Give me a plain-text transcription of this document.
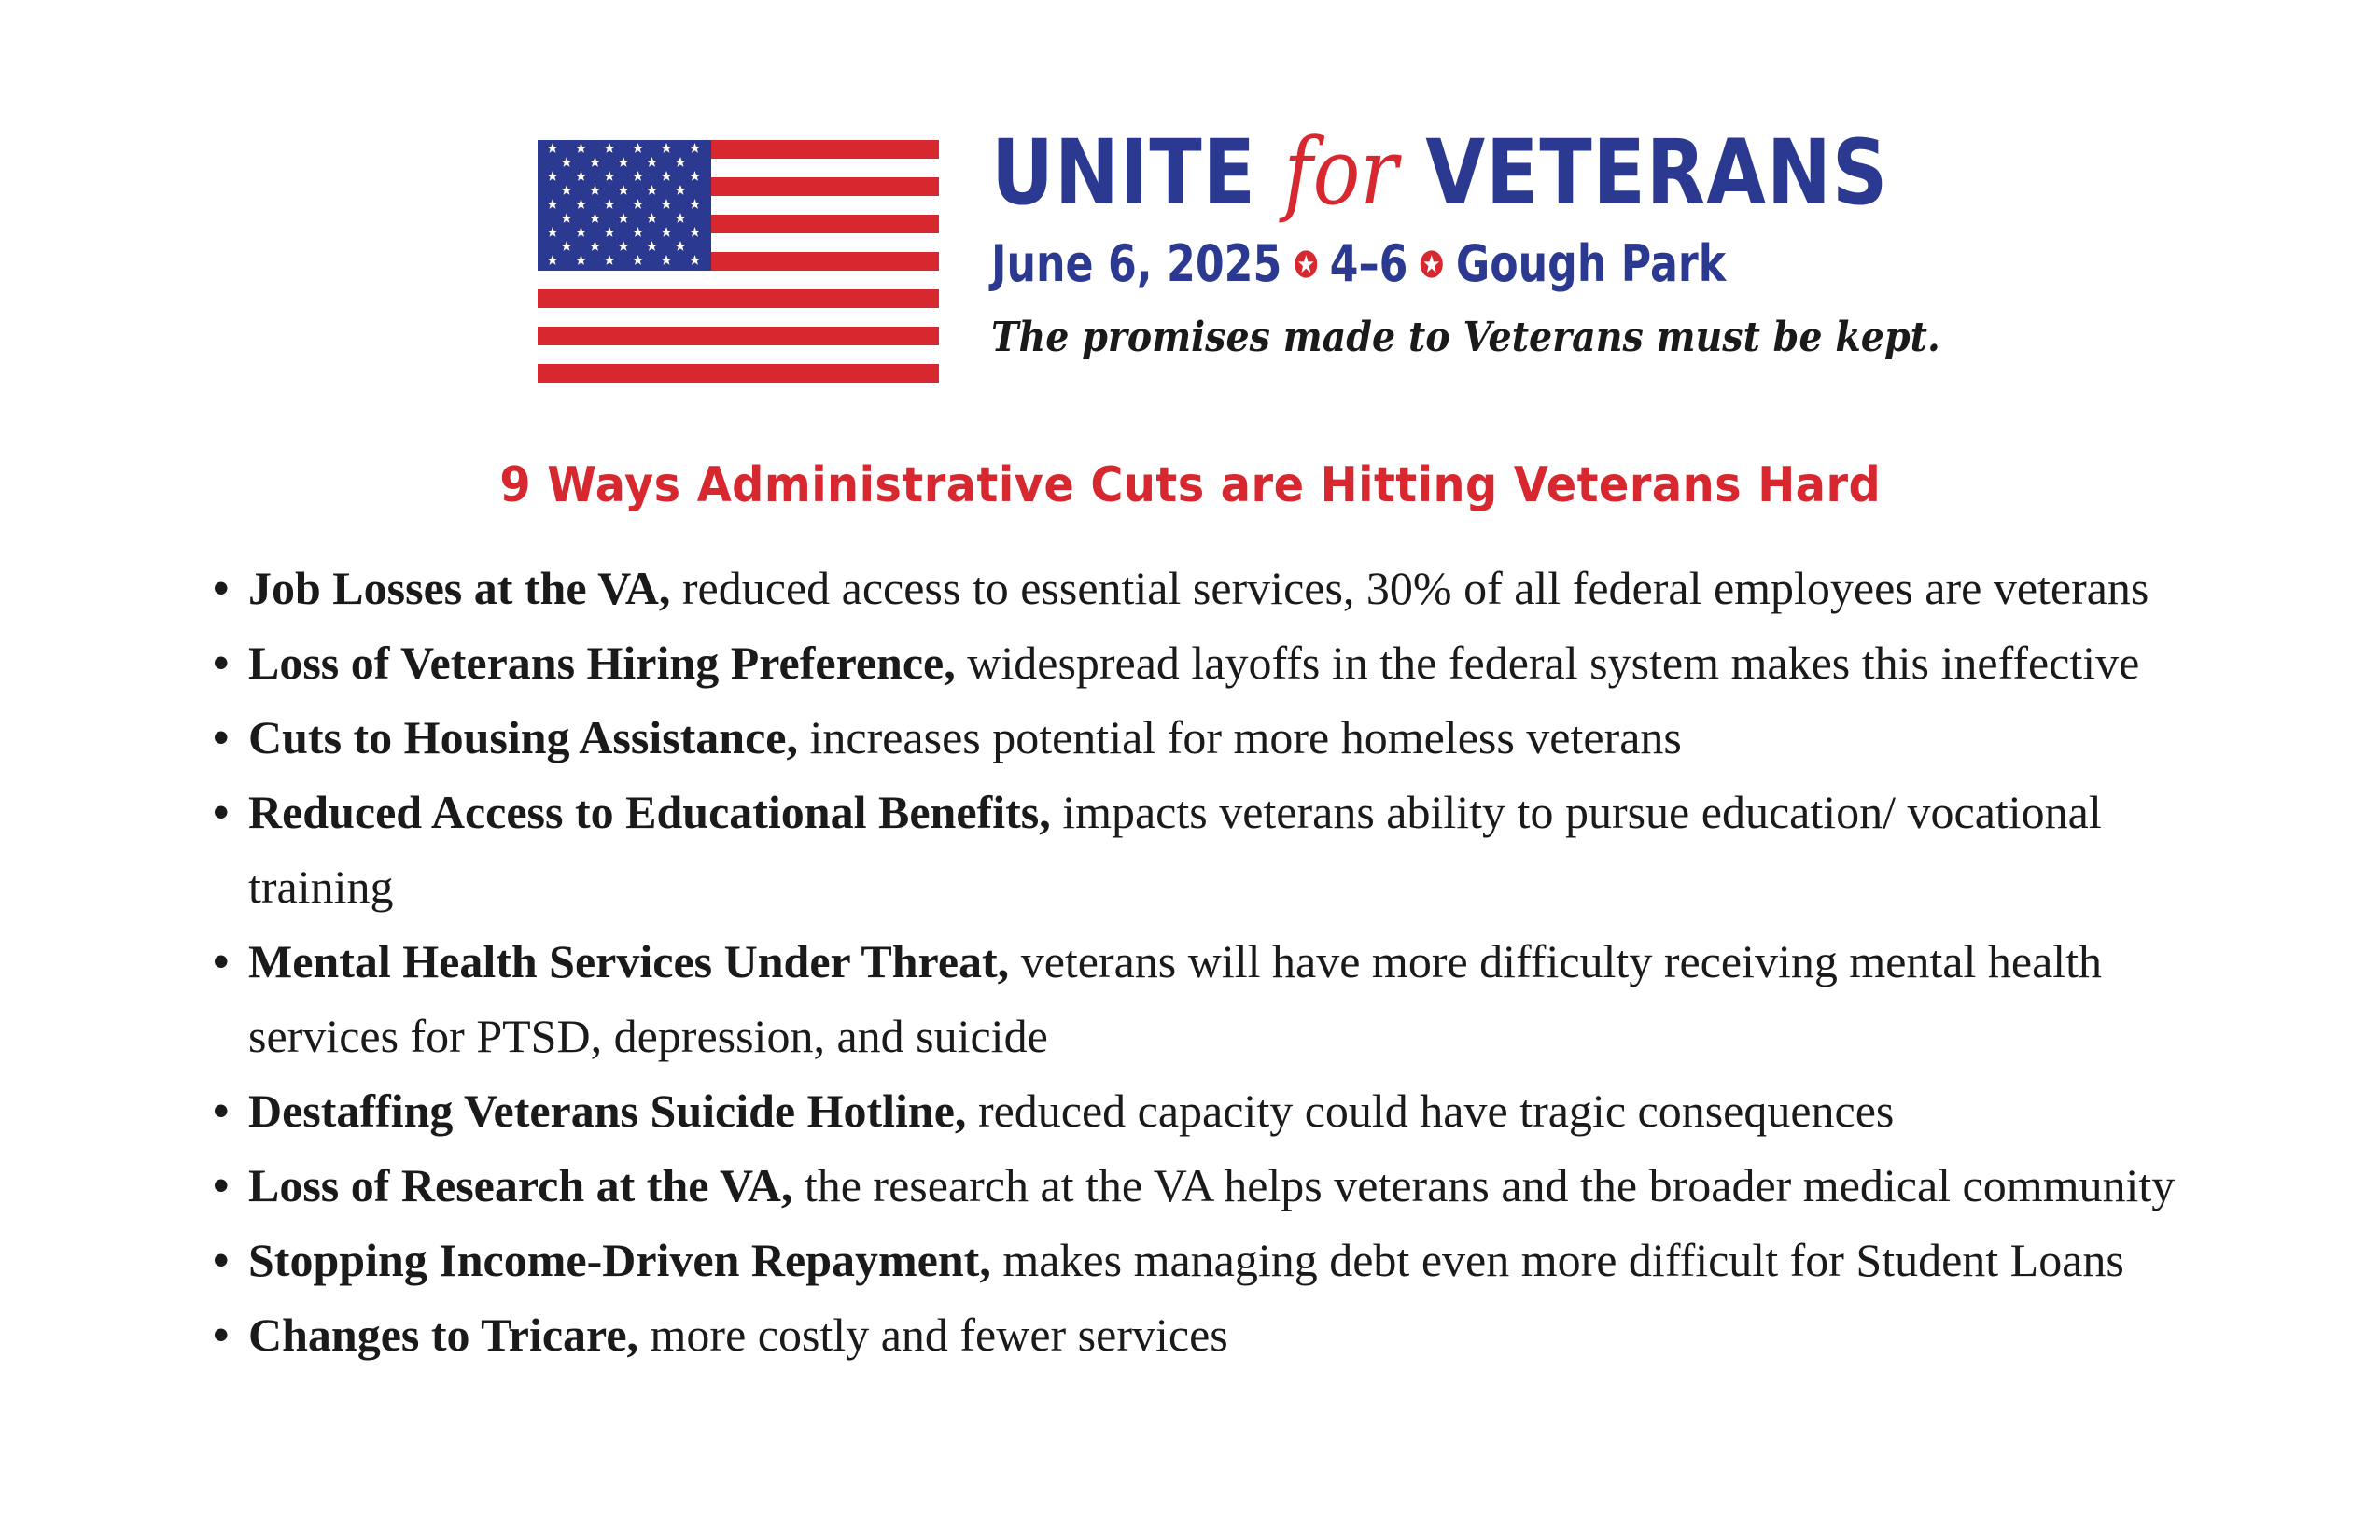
UNITE for VETERANS
June 6, 2025 4–6 Gough Park
The promises made to Veterans must be kept.
9 Ways Administrative Cuts are Hitting Veterans Hard
• Job Losses at the VA, reduced access to essential services, 30% of all federal employees are veterans
• Loss of Veterans Hiring Preference, widespread layoffs in the federal system makes this ineffective
• Cuts to Housing Assistance, increases potential for more homeless veterans
• Reduced Access to Educational Benefits, impacts veterans ability to pursue education/ vocational training
• Mental Health Services Under Threat, veterans will have more difficulty receiving mental health services for PTSD, depression, and suicide
• Destaffing Veterans Suicide Hotline, reduced capacity could have tragic consequences
• Loss of Research at the VA, the research at the VA helps veterans and the broader medical community
• Stopping Income-Driven Repayment, makes managing debt even more difficult for Student Loans
• Changes to Tricare, more costly and fewer services
